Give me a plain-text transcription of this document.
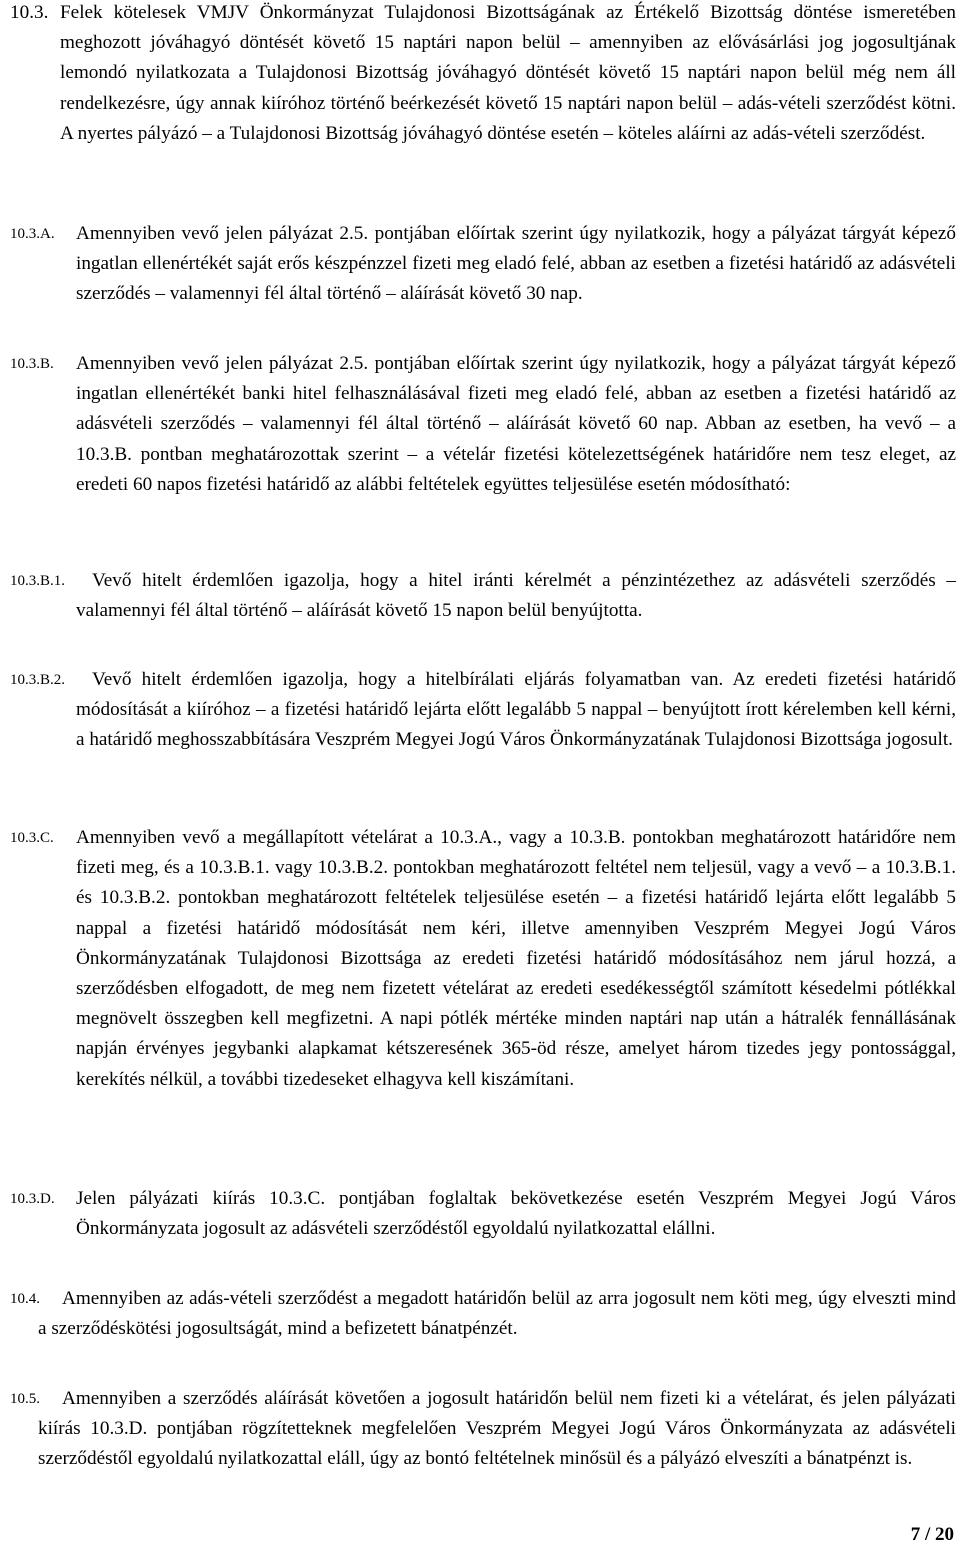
10.3. Felek kötelesek VMJV Önkormányzat Tulajdonosi Bizottságának az Értékelő Bizottság döntése ismeretében meghozott jóváhagyó döntését követő 15 naptári napon belül – amennyiben az elővásárlási jog jogosultjának lemondó nyilatkozata a Tulajdonosi Bizottság jóváhagyó döntését követő 15 naptári napon belül még nem áll rendelkezésre, úgy annak kiíróhoz történő beérkezését követő 15 naptári napon belül – adás-vételi szerződést kötni. A nyertes pályázó – a Tulajdonosi Bizottság jóváhagyó döntése esetén – köteles aláírni az adás-vételi szerződést.
10.3.A. Amennyiben vevő jelen pályázat 2.5. pontjában előírtak szerint úgy nyilatkozik, hogy a pályázat tárgyát képező ingatlan ellenértékét saját erős készpénzzel fizeti meg eladó felé, abban az esetben a fizetési határidő az adásvételi szerződés – valamennyi fél által történő – aláírását követő 30 nap.
10.3.B. Amennyiben vevő jelen pályázat 2.5. pontjában előírtak szerint úgy nyilatkozik, hogy a pályázat tárgyát képező ingatlan ellenértékét banki hitel felhasználásával fizeti meg eladó felé, abban az esetben a fizetési határidő az adásvételi szerződés – valamennyi fél által történő – aláírását követő 60 nap. Abban az esetben, ha vevő – a 10.3.B. pontban meghatározottak szerint – a vételár fizetési kötelezettségének határidőre nem tesz eleget, az eredeti 60 napos fizetési határidő az alábbi feltételek együttes teljesülése esetén módosítható:
10.3.B.1.	Vevő hitelt érdemlően igazolja, hogy a hitel iránti kérelmét a pénzintézethez az adásvételi szerződés – valamennyi fél által történő – aláírását követő 15 napon belül benyújtotta.
10.3.B.2.	Vevő hitelt érdemlően igazolja, hogy a hitelbírálati eljárás folyamatban van. Az eredeti fizetési határidő módosítását a kiíróhoz – a fizetési határidő lejárta előtt legalább 5 nappal – benyújtott írott kérelemben kell kérni, a határidő meghosszabbítására Veszprém Megyei Jogú Város Önkormányzatának Tulajdonosi Bizottsága jogosult.
10.3.C. Amennyiben vevő a megállapított vételárat a 10.3.A., vagy a 10.3.B. pontokban meghatározott határidőre nem fizeti meg, és a 10.3.B.1. vagy 10.3.B.2. pontokban meghatározott feltétel nem teljesül, vagy a vevő – a 10.3.B.1. és 10.3.B.2. pontokban meghatározott feltételek teljesülése esetén – a fizetési határidő lejárta előtt legalább 5 nappal a fizetési határidő módosítását nem kéri, illetve amennyiben Veszprém Megyei Jogú Város Önkormányzatának Tulajdonosi Bizottsága az eredeti fizetési határidő módosításához nem járul hozzá, a szerződésben elfogadott, de meg nem fizetett vételárat az eredeti esedékességtől számított késedelmi pótlékkal megnövelt összegben kell megfizetni. A napi pótlék mértéke minden naptári nap után a hátralék fennállásának napján érvényes jegybanki alapkamat kétszeresének 365-öd része, amelyet három tizedes jegy pontossággal, kerekítés nélkül, a további tizedeseket elhagyva kell kiszámítani.
10.3.D. Jelen pályázati kiírás 10.3.C. pontjában foglaltak bekövetkezése esetén Veszprém Megyei Jogú Város Önkormányzata jogosult az adásvételi szerződéstől egyoldalú nyilatkozattal elállni.
10.4.	Amennyiben az adás-vételi szerződést a megadott határidőn belül az arra jogosult nem köti meg, úgy elveszti mind a szerződéskötési jogosultságát, mind a befizetett bánatpénzét.
10.5.	Amennyiben a szerződés aláírását követően a jogosult határidőn belül nem fizeti ki a vételárat, és jelen pályázati kiírás 10.3.D. pontjában rögzítetteknek megfelelően Veszprém Megyei Jogú Város Önkormányzata az adásvételi szerződéstől egyoldalú nyilatkozattal eláll, úgy az bontó feltételnek minősül és a pályázó elveszíti a bánatpénzt is.
7 / 20
